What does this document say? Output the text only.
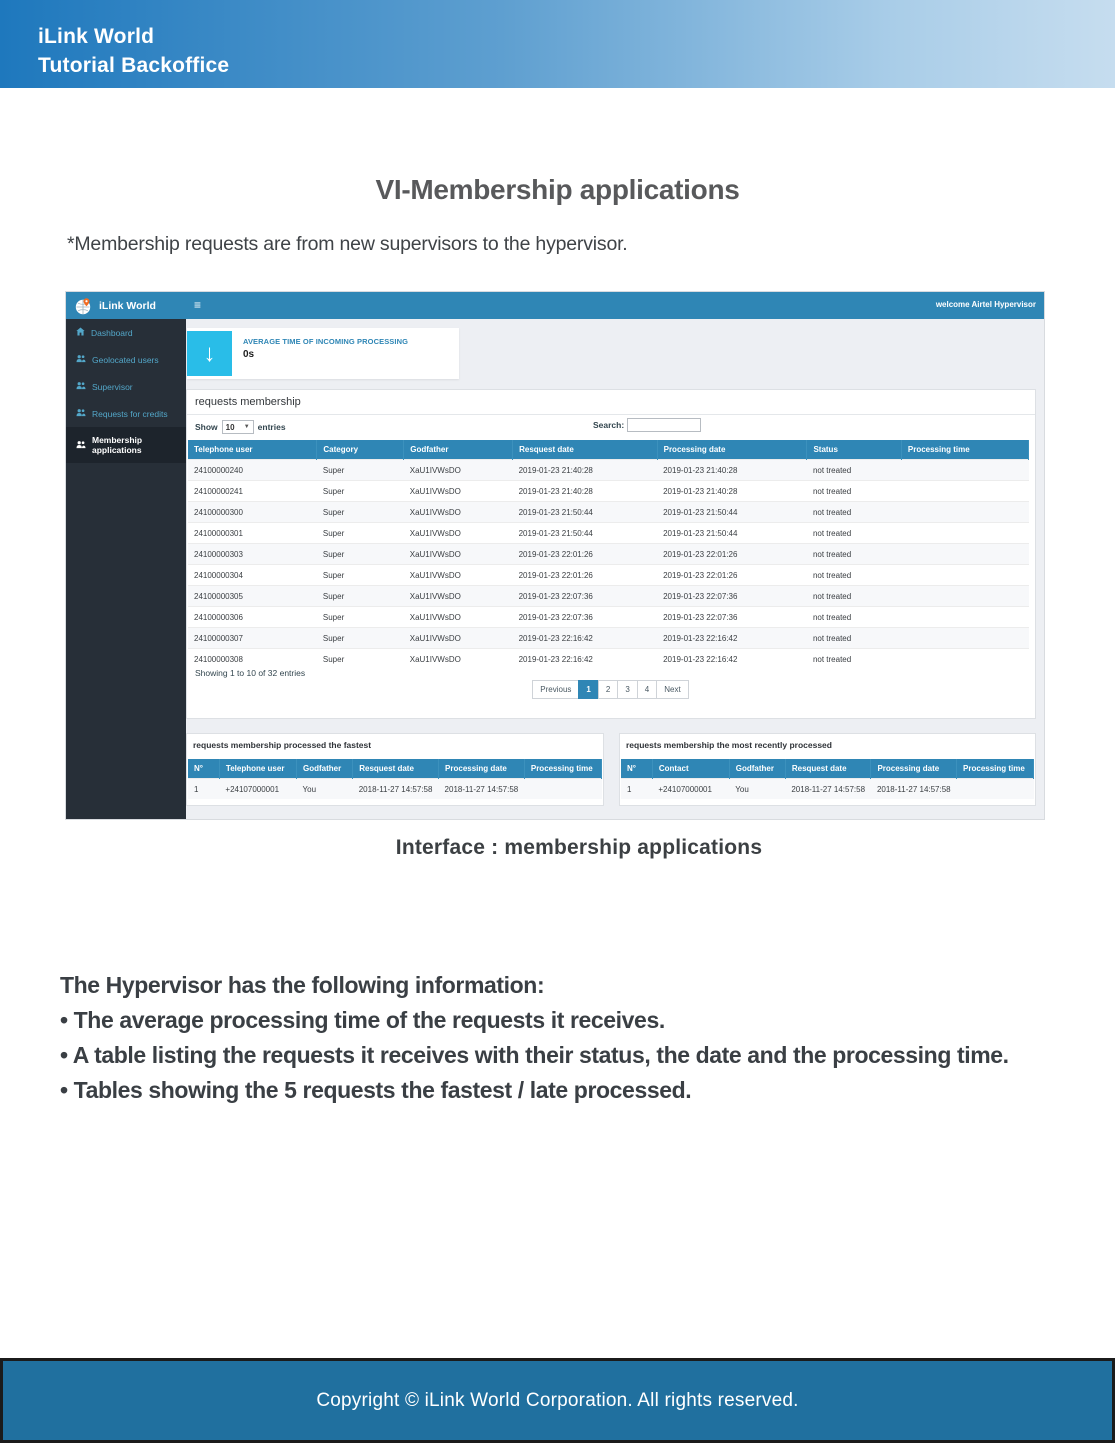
iLink World
Tutorial Backoffice
VI-Membership applications
*Membership requests are from new supervisors to the hypervisor.
iLink World	≡	welcome Airtel Hypervisor
Dashboard
Geolocated users
Supervisor
Requests for credits
Membership applications
↓	AVERAGE TIME OF INCOMING PROCESSING
0s
requests membership
Show 10 ▼ entries	Search:
Telephone user	Category	Godfather	Resquest date	Processing date	Status	Processing time
24100000240	Super	XaU1IVWsDO	2019-01-23 21:40:28	2019-01-23 21:40:28	not treated	
24100000241	Super	XaU1IVWsDO	2019-01-23 21:40:28	2019-01-23 21:40:28	not treated	
24100000300	Super	XaU1IVWsDO	2019-01-23 21:50:44	2019-01-23 21:50:44	not treated	
24100000301	Super	XaU1IVWsDO	2019-01-23 21:50:44	2019-01-23 21:50:44	not treated	
24100000303	Super	XaU1IVWsDO	2019-01-23 22:01:26	2019-01-23 22:01:26	not treated	
24100000304	Super	XaU1IVWsDO	2019-01-23 22:01:26	2019-01-23 22:01:26	not treated	
24100000305	Super	XaU1IVWsDO	2019-01-23 22:07:36	2019-01-23 22:07:36	not treated	
24100000306	Super	XaU1IVWsDO	2019-01-23 22:07:36	2019-01-23 22:07:36	not treated	
24100000307	Super	XaU1IVWsDO	2019-01-23 22:16:42	2019-01-23 22:16:42	not treated	
24100000308	Super	XaU1IVWsDO	2019-01-23 22:16:42	2019-01-23 22:16:42	not treated	
Showing 1 to 10 of 32 entries
Previous	1	2	3	4	Next
requests membership processed the fastest
N°	Telephone user	Godfather	Resquest date	Processing date	Processing time
1	+24107000001	You	2018-11-27 14:57:58	2018-11-27 14:57:58	
requests membership the most recently processed
N°	Contact	Godfather	Resquest date	Processing date	Processing time
1	+24107000001	You	2018-11-27 14:57:58	2018-11-27 14:57:58	
Interface : membership applications
The Hypervisor has the following information:
• The average processing time of the requests it receives.
• A table listing the requests it receives with their status, the date and the processing time.
• Tables showing the 5 requests the fastest / late processed.
Copyright © iLink World Corporation. All rights reserved.
